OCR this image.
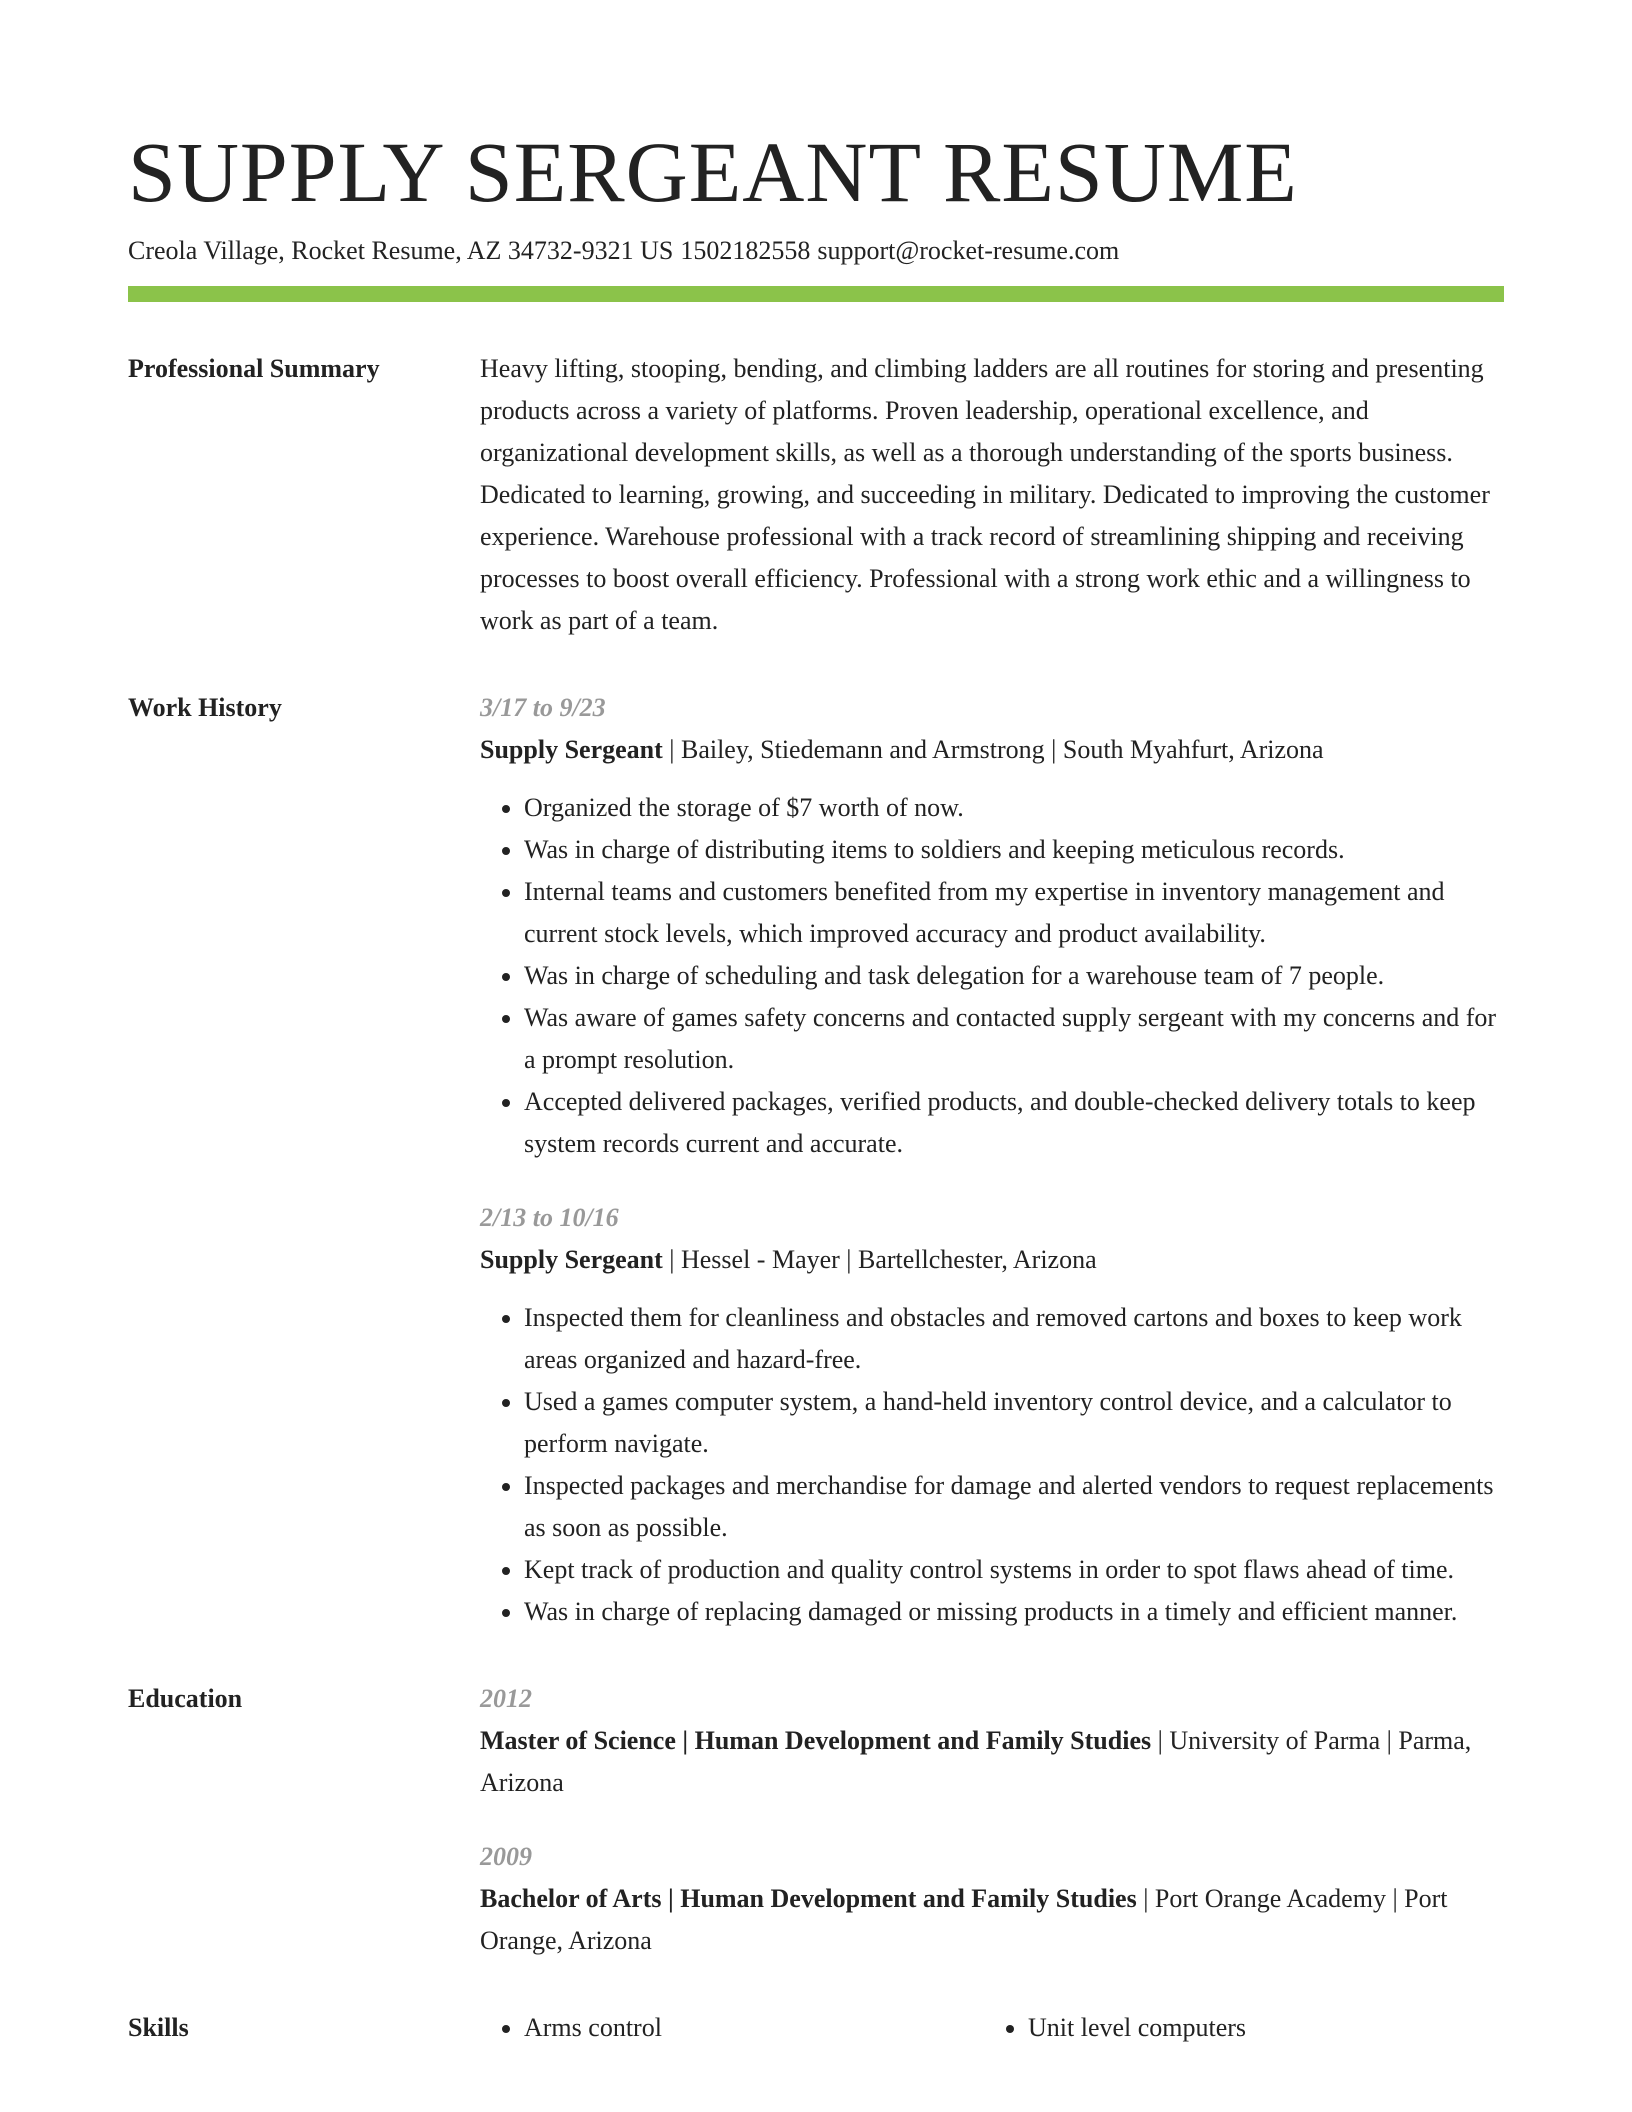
SUPPLY SERGEANT RESUME
Creola Village, Rocket Resume, AZ 34732-9321 US 1502182558 support@rocket-resume.com
Professional Summary	Heavy lifting, stooping, bending, and climbing ladders are all routines for storing and presenting products across a variety of platforms. Proven leadership, operational excellence, and organizational development skills, as well as a thorough understanding of the sports business. Dedicated to learning, growing, and succeeding in military. Dedicated to improving the customer experience. Warehouse professional with a track record of streamlining shipping and receiving processes to boost overall efficiency. Professional with a strong work ethic and a willingness to work as part of a team.

Work History	3/17 to 9/23
Supply Sergeant | Bailey, Stiedemann and Armstrong | South Myahfurt, Arizona
• Organized the storage of $7 worth of now.
• Was in charge of distributing items to soldiers and keeping meticulous records.
• Internal teams and customers benefited from my expertise in inventory management and current stock levels, which improved accuracy and product availability.
• Was in charge of scheduling and task delegation for a warehouse team of 7 people.
• Was aware of games safety concerns and contacted supply sergeant with my concerns and for a prompt resolution.
• Accepted delivered packages, verified products, and double-checked delivery totals to keep system records current and accurate.
2/13 to 10/16
Supply Sergeant | Hessel - Mayer | Bartellchester, Arizona
• Inspected them for cleanliness and obstacles and removed cartons and boxes to keep work areas organized and hazard-free.
• Used a games computer system, a hand-held inventory control device, and a calculator to perform navigate.
• Inspected packages and merchandise for damage and alerted vendors to request replacements as soon as possible.
• Kept track of production and quality control systems in order to spot flaws ahead of time.
• Was in charge of replacing damaged or missing products in a timely and efficient manner.
Education	2012
Master of Science | Human Development and Family Studies | University of Parma | Parma, Arizona
2009
Bachelor of Arts | Human Development and Family Studies | Port Orange Academy | Port Orange, Arizona
Skills	• Arms control	• Unit level computers
